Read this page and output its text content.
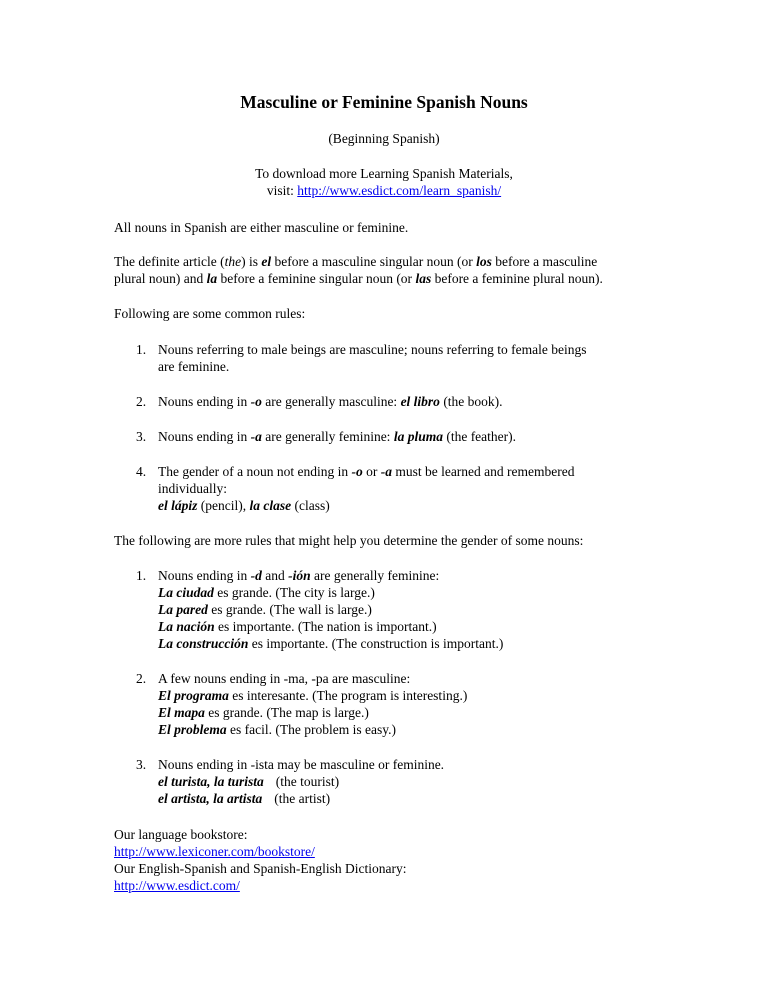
Masculine or Feminine Spanish Nouns
(Beginning Spanish)
To download more Learning Spanish Materials,
visit: http://www.esdict.com/learn_spanish/
All nouns in Spanish are either masculine or feminine.
The definite article (the) is el before a masculine singular noun (or los before a masculine
plural noun) and la before a feminine singular noun (or las before a feminine plural noun).
Following are some common rules:
1. Nouns referring to male beings are masculine; nouns referring to female beings
are feminine.
2. Nouns ending in -o are generally masculine: el libro (the book).
3. Nouns ending in -a are generally feminine: la pluma (the feather).
4. The gender of a noun not ending in -o or -a must be learned and remembered
individually:
el lápiz (pencil), la clase (class)
The following are more rules that might help you determine the gender of some nouns:
1. Nouns ending in -d and -ión are generally feminine:
La ciudad es grande. (The city is large.)
La pared es grande. (The wall is large.)
La nación es importante. (The nation is important.)
La construcción es importante. (The construction is important.)
2. A few nouns ending in -ma, -pa are masculine:
El programa es interesante. (The program is interesting.)
El mapa es grande. (The map is large.)
El problema es facil. (The problem is easy.)
3. Nouns ending in -ista may be masculine or feminine.
el turista, la turista (the tourist)
el artista, la artista (the artist)
Our language bookstore:
http://www.lexiconer.com/bookstore/
Our English-Spanish and Spanish-English Dictionary:
http://www.esdict.com/
